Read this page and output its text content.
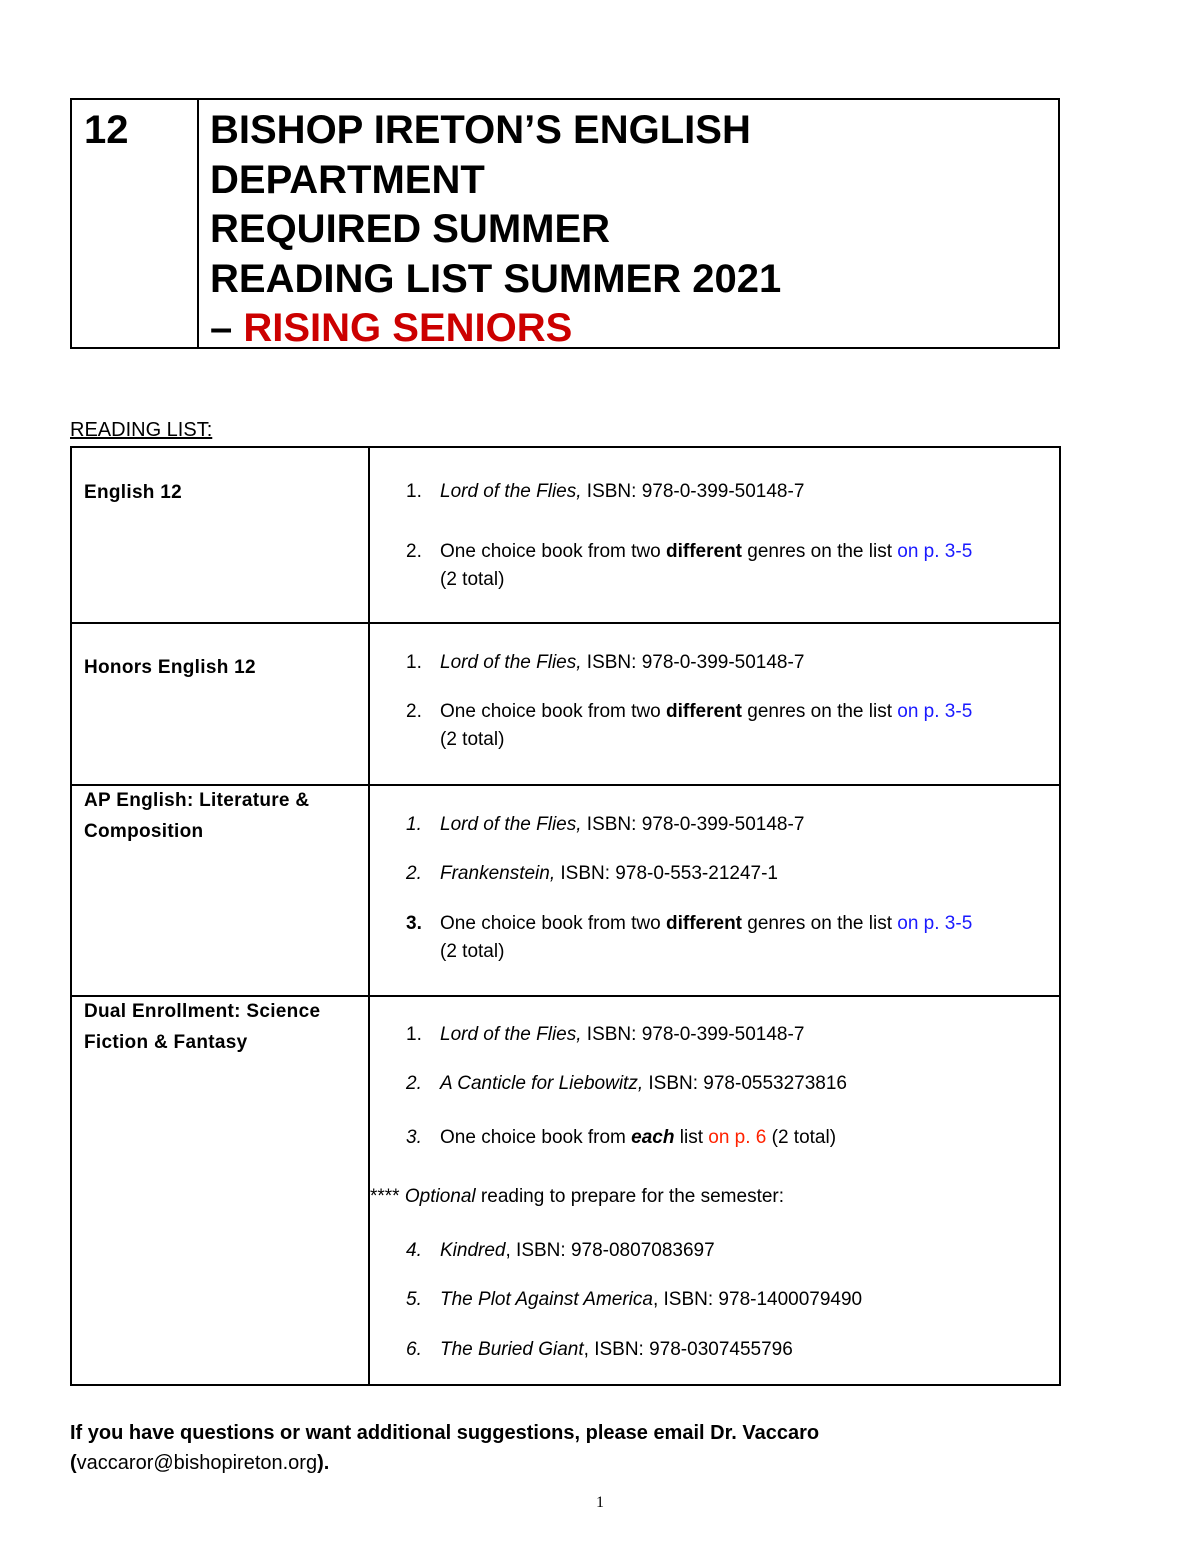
12 BISHOP IRETON’S ENGLISH
DEPARTMENT
REQUIRED SUMMER
READING LIST SUMMER 2021
– RISING SENIORS
READING LIST:
English 12	1. Lord of the Flies, ISBN: 978-0-399-50148-7
2. One choice book from two different genres on the list on p. 3-5
(2 total)
Honors English 12	1. Lord of the Flies, ISBN: 978-0-399-50148-7
2. One choice book from two different genres on the list on p. 3-5
(2 total)
AP English: Literature &
Composition	1. Lord of the Flies, ISBN: 978-0-399-50148-7
2. Frankenstein, ISBN: 978-0-553-21247-1
3. One choice book from two different genres on the list on p. 3-5
(2 total)
Dual Enrollment: Science
Fiction & Fantasy	1. Lord of the Flies, ISBN: 978-0-399-50148-7
2. A Canticle for Liebowitz, ISBN: 978-0553273816
3. One choice book from each list on p. 6 (2 total)
**** Optional reading to prepare for the semester:
4. Kindred, ISBN: 978-0807083697
5. The Plot Against America, ISBN: 978-1400079490
6. The Buried Giant, ISBN: 978-0307455796
If you have questions or want additional suggestions, please email Dr. Vaccaro
(vaccaror@bishopireton.org).
1
